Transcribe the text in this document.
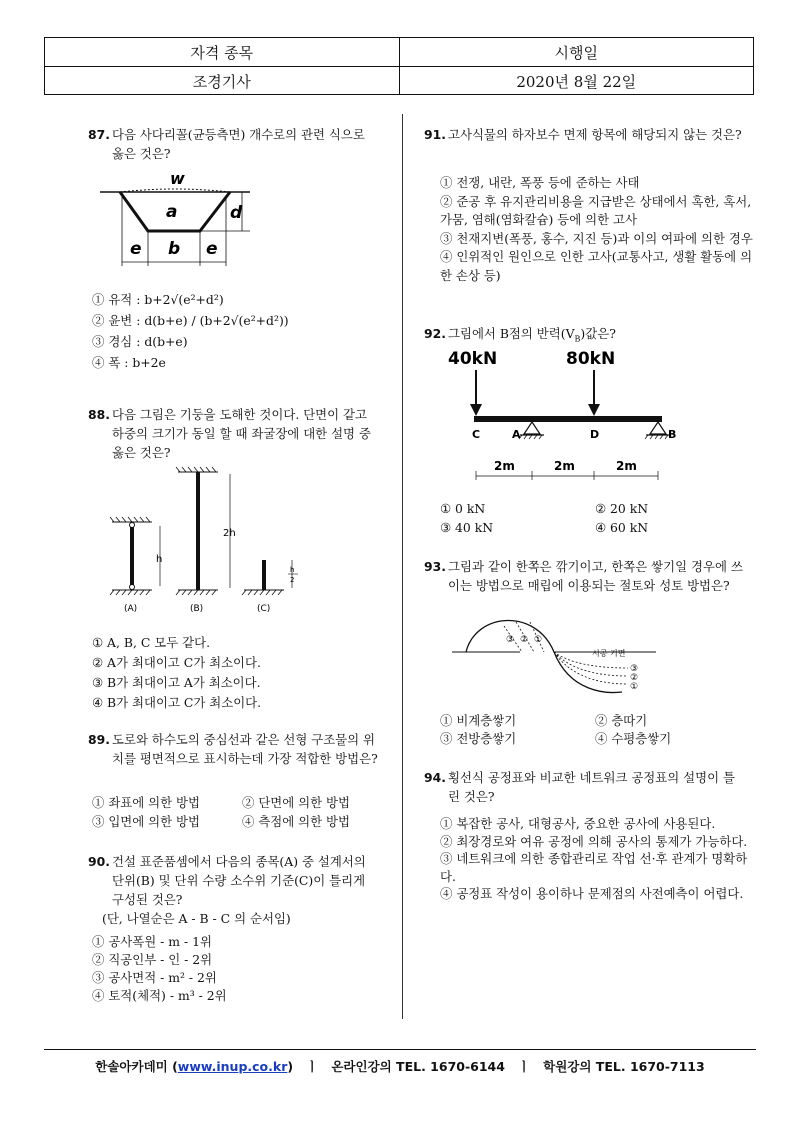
자격 종목	시행일
조경기사	2020년 8월 22일
87. 다음 사다리꼴(균등측면) 개수로의 관련 식으로 옳은 것은?
w
a	d
e b e
① 유적 : b+2√(e²+d²)
② 윤변 : d(b+e) / (b+2√(e²+d²))
③ 경심 : d(b+e)
④ 폭 : b+2e
88. 다음 그림은 기둥을 도해한 것이다. 단면이 같고 하중의 크기가 동일 할 때 좌굴장에 대한 설명 중 옳은 것은?
h
(A)
2h
(B)
h
2
(C)
① A, B, C 모두 같다.
② A가 최대이고 C가 최소이다.
③ B가 최대이고 A가 최소이다.
④ B가 최대이고 C가 최소이다.
89. 도로와 하수도의 중심선과 같은 선형 구조물의 위치를 평면적으로 표시하는데 가장 적합한 방법은?
① 좌표에 의한 방법	② 단면에 의한 방법
③ 입면에 의한 방법	④ 측점에 의한 방법
90. 건설 표준품셈에서 다음의 종목(A) 중 설계서의 단위(B) 및 단위 수량 소수위 기준(C)이 틀리게 구성된 것은?
(단, 나열순은 A - B - C 의 순서임)
① 공사폭원 - m - 1위
② 직공인부 - 인 - 2위
③ 공사면적 - m² - 2위
④ 토적(체적) - m³ - 2위
91. 고사식물의 하자보수 면제 항목에 해당되지 않는 것은?
① 전쟁, 내란, 폭풍 등에 준하는 사태
② 준공 후 유지관리비용을 지급받은 상태에서 혹한, 혹서, 가뭄, 염해(염화칼슘) 등에 의한 고사
③ 천재지변(폭풍, 홍수, 지진 등)과 이의 여파에 의한 경우
④ 인위적인 원인으로 인한 고사(교통사고, 생활 활동에 의한 손상 등)
92. 그림에서 B점의 반력$(V_B)$값은?
40kN	80kN
C	A	D	B
2m	2m	2m
① 0 kN	② 20 kN
③ 40 kN	④ 60 kN
93. 그림과 같이 한쪽은 깎기이고, 한쪽은 쌓기일 경우에 쓰이는 방법으로 매립에 이용되는 절토와 성토 방법은?
③ ② ①
시공 기면
③
②
①
① 비계층쌓기	② 층따기
③ 전방층쌓기	④ 수평층쌓기
94. 횡선식 공정표와 비교한 네트워크 공정표의 설명이 틀린 것은?
① 복잡한 공사, 대형공사, 중요한 공사에 사용된다.
② 최장경로와 여유 공정에 의해 공사의 통제가 가능하다.
③ 네트워크에 의한 종합관리로 작업 선·후 관계가 명확하다.
④ 공정표 작성이 용이하나 문제점의 사전예측이 어렵다.
한솔아카데미 (www.inup.co.kr) ㅣ 온라인강의 TEL. 1670-6144 ㅣ 학원강의 TEL. 1670-7113
